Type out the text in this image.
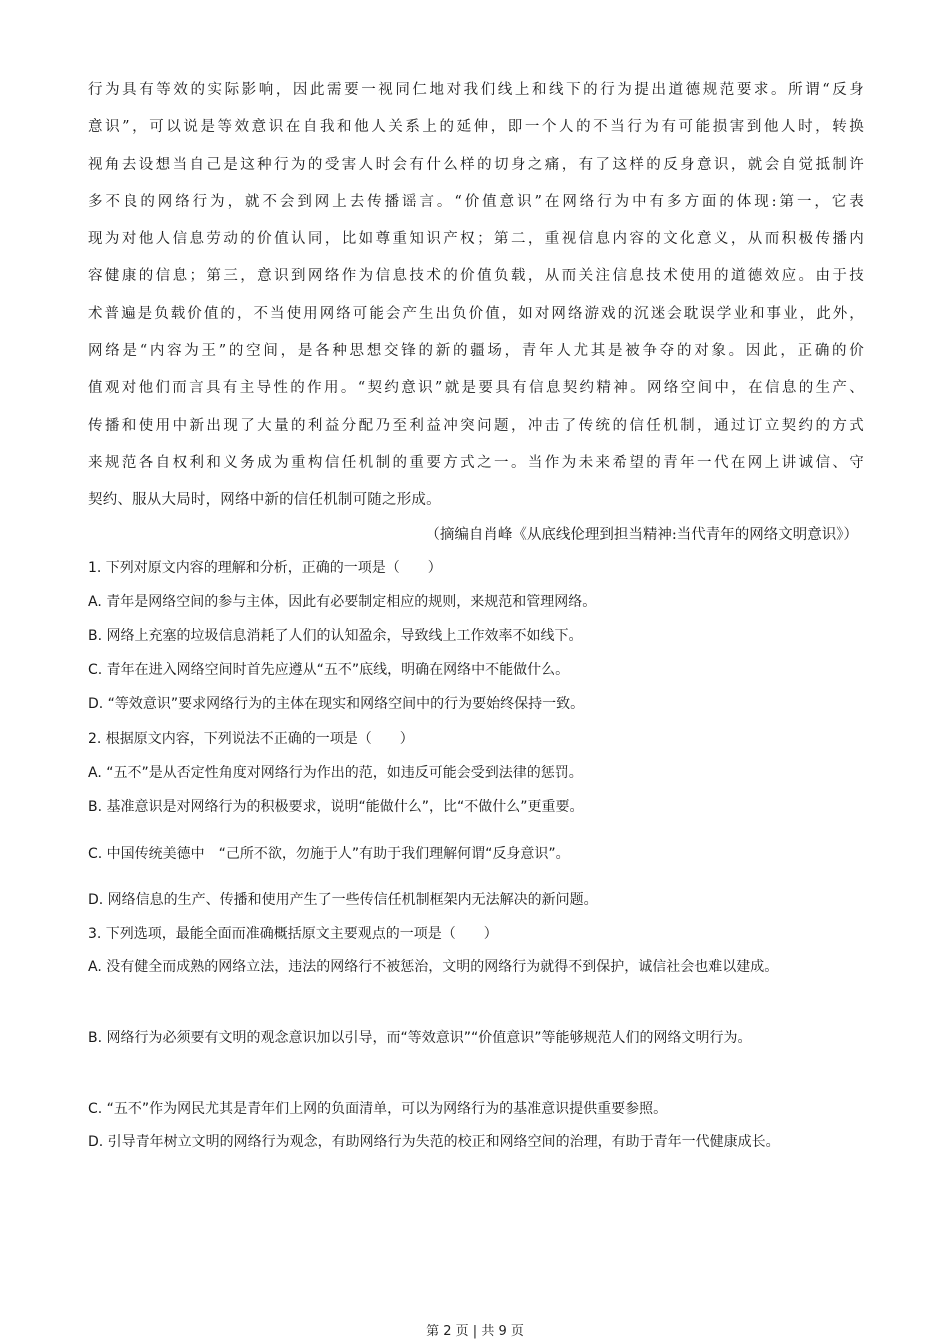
行为具有等效的实际影响，因此需要一视同仁地对我们线上和线下的行为提出道德规范要求。所谓“反身
意识”，可以说是等效意识在自我和他人关系上的延伸，即一个人的不当行为有可能损害到他人时，转换
视角去设想当自己是这种行为的受害人时会有什么样的切身之痛，有了这样的反身意识，就会自觉抵制许
多不良的网络行为，就不会到网上去传播谣言。“价值意识”在网络行为中有多方面的体现:第一，它表
现为对他人信息劳动的价值认同，比如尊重知识产权；第二，重视信息内容的文化意义，从而积极传播内
容健康的信息；第三，意识到网络作为信息技术的价值负载，从而关注信息技术使用的道德效应。由于技
术普遍是负载价值的，不当使用网络可能会产生出负价值，如对网络游戏的沉迷会耽误学业和事业，此外，
网络是“内容为王”的空间，是各种思想交锋的新的疆场，青年人尤其是被争夺的对象。因此，正确的价
值观对他们而言具有主导性的作用。“契约意识”就是要具有信息契约精神。网络空间中，在信息的生产、
传播和使用中新出现了大量的利益分配乃至利益冲突问题，冲击了传统的信任机制，通过订立契约的方式
来规范各自权利和义务成为重构信任机制的重要方式之一。当作为未来希望的青年一代在网上讲诚信、守
契约、服从大局时，网络中新的信任机制可随之形成。
（摘编自肖峰《从底线伦理到担当精神:当代青年的网络文明意识》）
1. 下列对原文内容的理解和分析，正确的一项是（　　）
A. 青年是网络空间的参与主体，因此有必要制定相应的规则，来规范和管理网络。
B. 网络上充塞的垃圾信息消耗了人们的认知盈余，导致线上工作效率不如线下。
C. 青年在进入网络空间时首先应遵从“五不”底线，明确在网络中不能做什么。
D. “等效意识”要求网络行为的主体在现实和网络空间中的行为要始终保持一致。
2. 根据原文内容，下列说法不正确的一项是（　　）
A. “五不”是从否定性角度对网络行为作出的范，如违反可能会受到法律的惩罚。
B. 基准意识是对网络行为的积极要求，说明“能做什么”，比“不做什么”更重要。
C. 中国传统美德中　“己所不欲，勿施于人”有助于我们理解何谓“反身意识”。
D. 网络信息的生产、传播和使用产生了一些传信任机制框架内无法解决的新问题。
3. 下列选项，最能全面而准确概括原文主要观点的一项是（　　）
A. 没有健全而成熟的网络立法，违法的网络行不被惩治，文明的网络行为就得不到保护，诚信社会也难以建成。
B. 网络行为必须要有文明的观念意识加以引导，而“等效意识”“价值意识”等能够规范人们的网络文明行为。
C. “五不”作为网民尤其是青年们上网的负面清单，可以为网络行为的基准意识提供重要参照。
D. 引导青年树立文明的网络行为观念，有助网络行为失范的校正和网络空间的治理，有助于青年一代健康成长。
第 2 页 | 共 9 页
